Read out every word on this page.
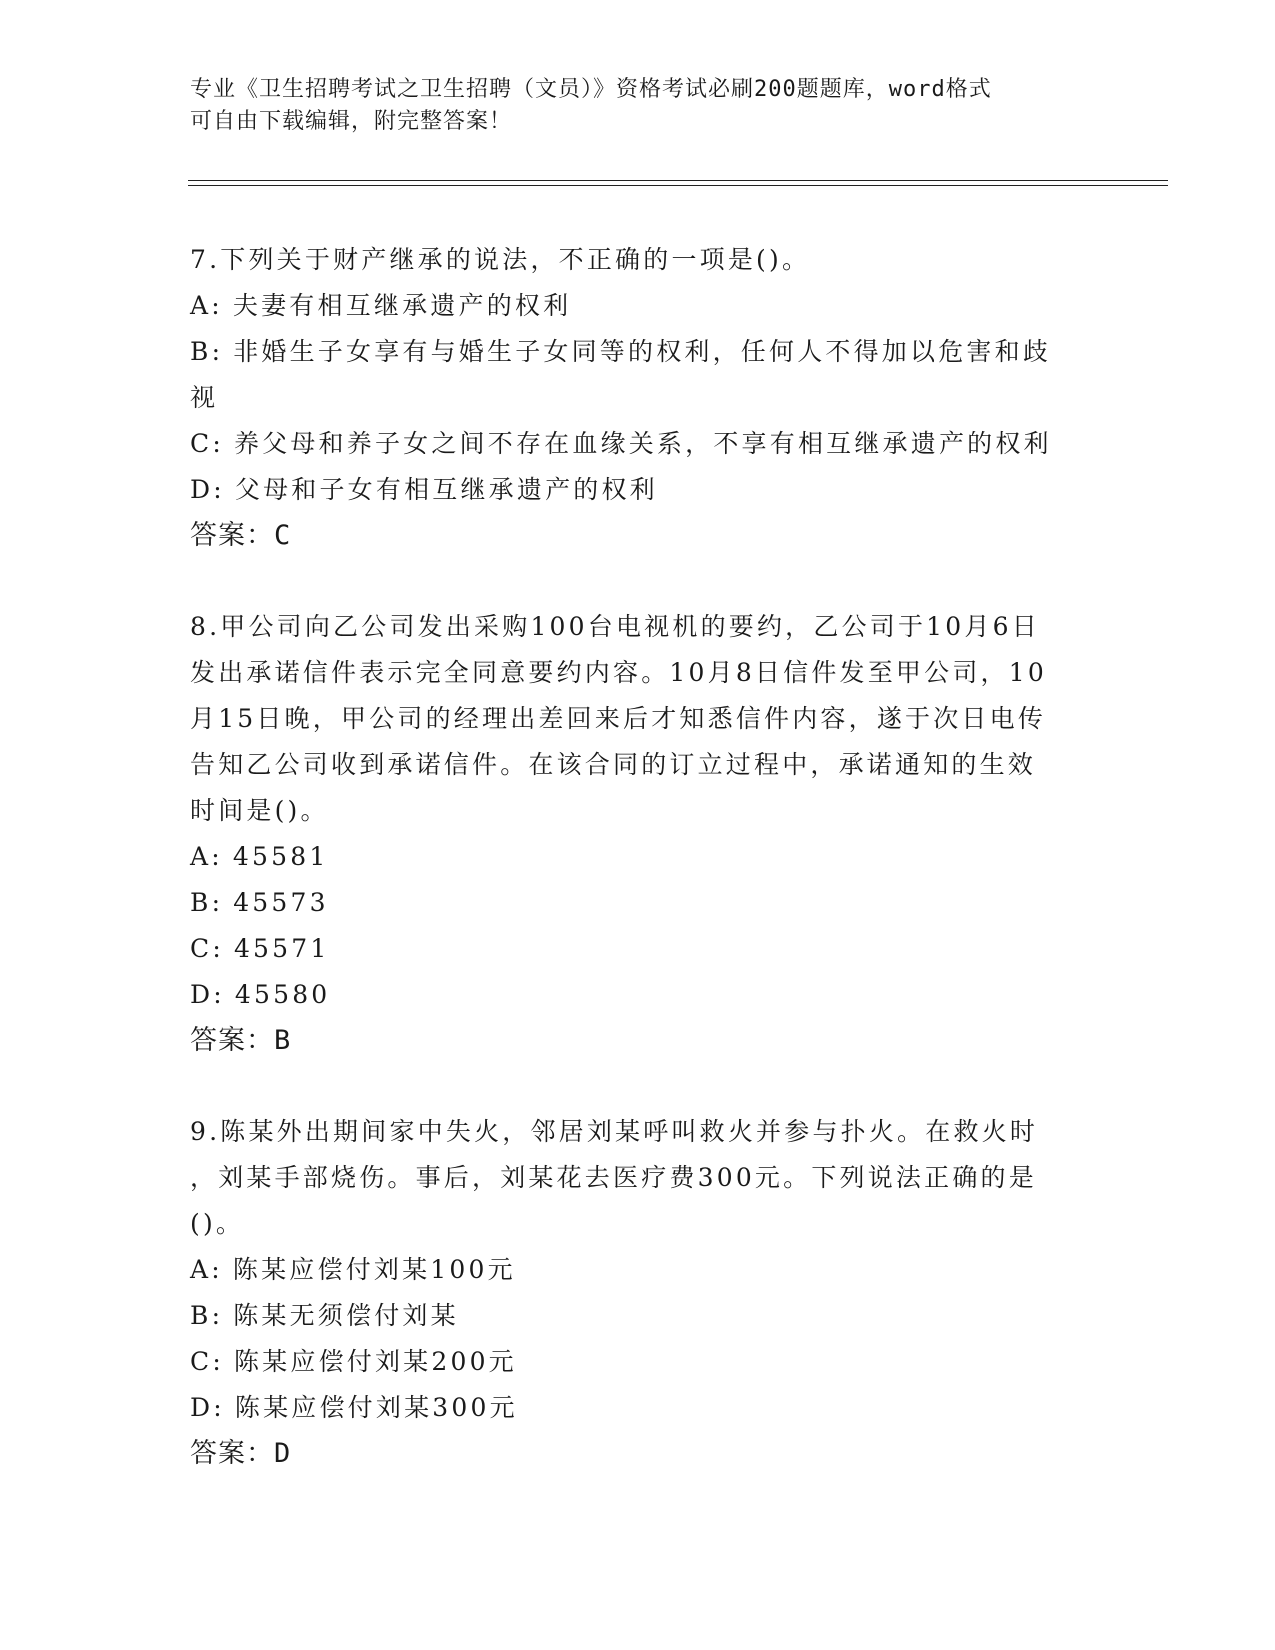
专业《卫生招聘考试之卫生招聘（文员）》资格考试必刷200题题库，word格式
可自由下载编辑，附完整答案！
7.下列关于财产继承的说法，不正确的一项是()。
A: 夫妻有相互继承遗产的权利
B: 非婚生子女享有与婚生子女同等的权利，任何人不得加以危害和歧
视
C: 养父母和养子女之间不存在血缘关系，不享有相互继承遗产的权利
D: 父母和子女有相互继承遗产的权利
答案：C
8.甲公司向乙公司发出采购100台电视机的要约，乙公司于10月6日
发出承诺信件表示完全同意要约内容。10月8日信件发至甲公司，10
月15日晚，甲公司的经理出差回来后才知悉信件内容，遂于次日电传
告知乙公司收到承诺信件。在该合同的订立过程中，承诺通知的生效
时间是()。
A: 45581
B: 45573
C: 45571
D: 45580
答案：B
9.陈某外出期间家中失火，邻居刘某呼叫救火并参与扑火。在救火时
，刘某手部烧伤。事后，刘某花去医疗费300元。下列说法正确的是
()。
A: 陈某应偿付刘某100元
B: 陈某无须偿付刘某
C: 陈某应偿付刘某200元
D: 陈某应偿付刘某300元
答案：D
